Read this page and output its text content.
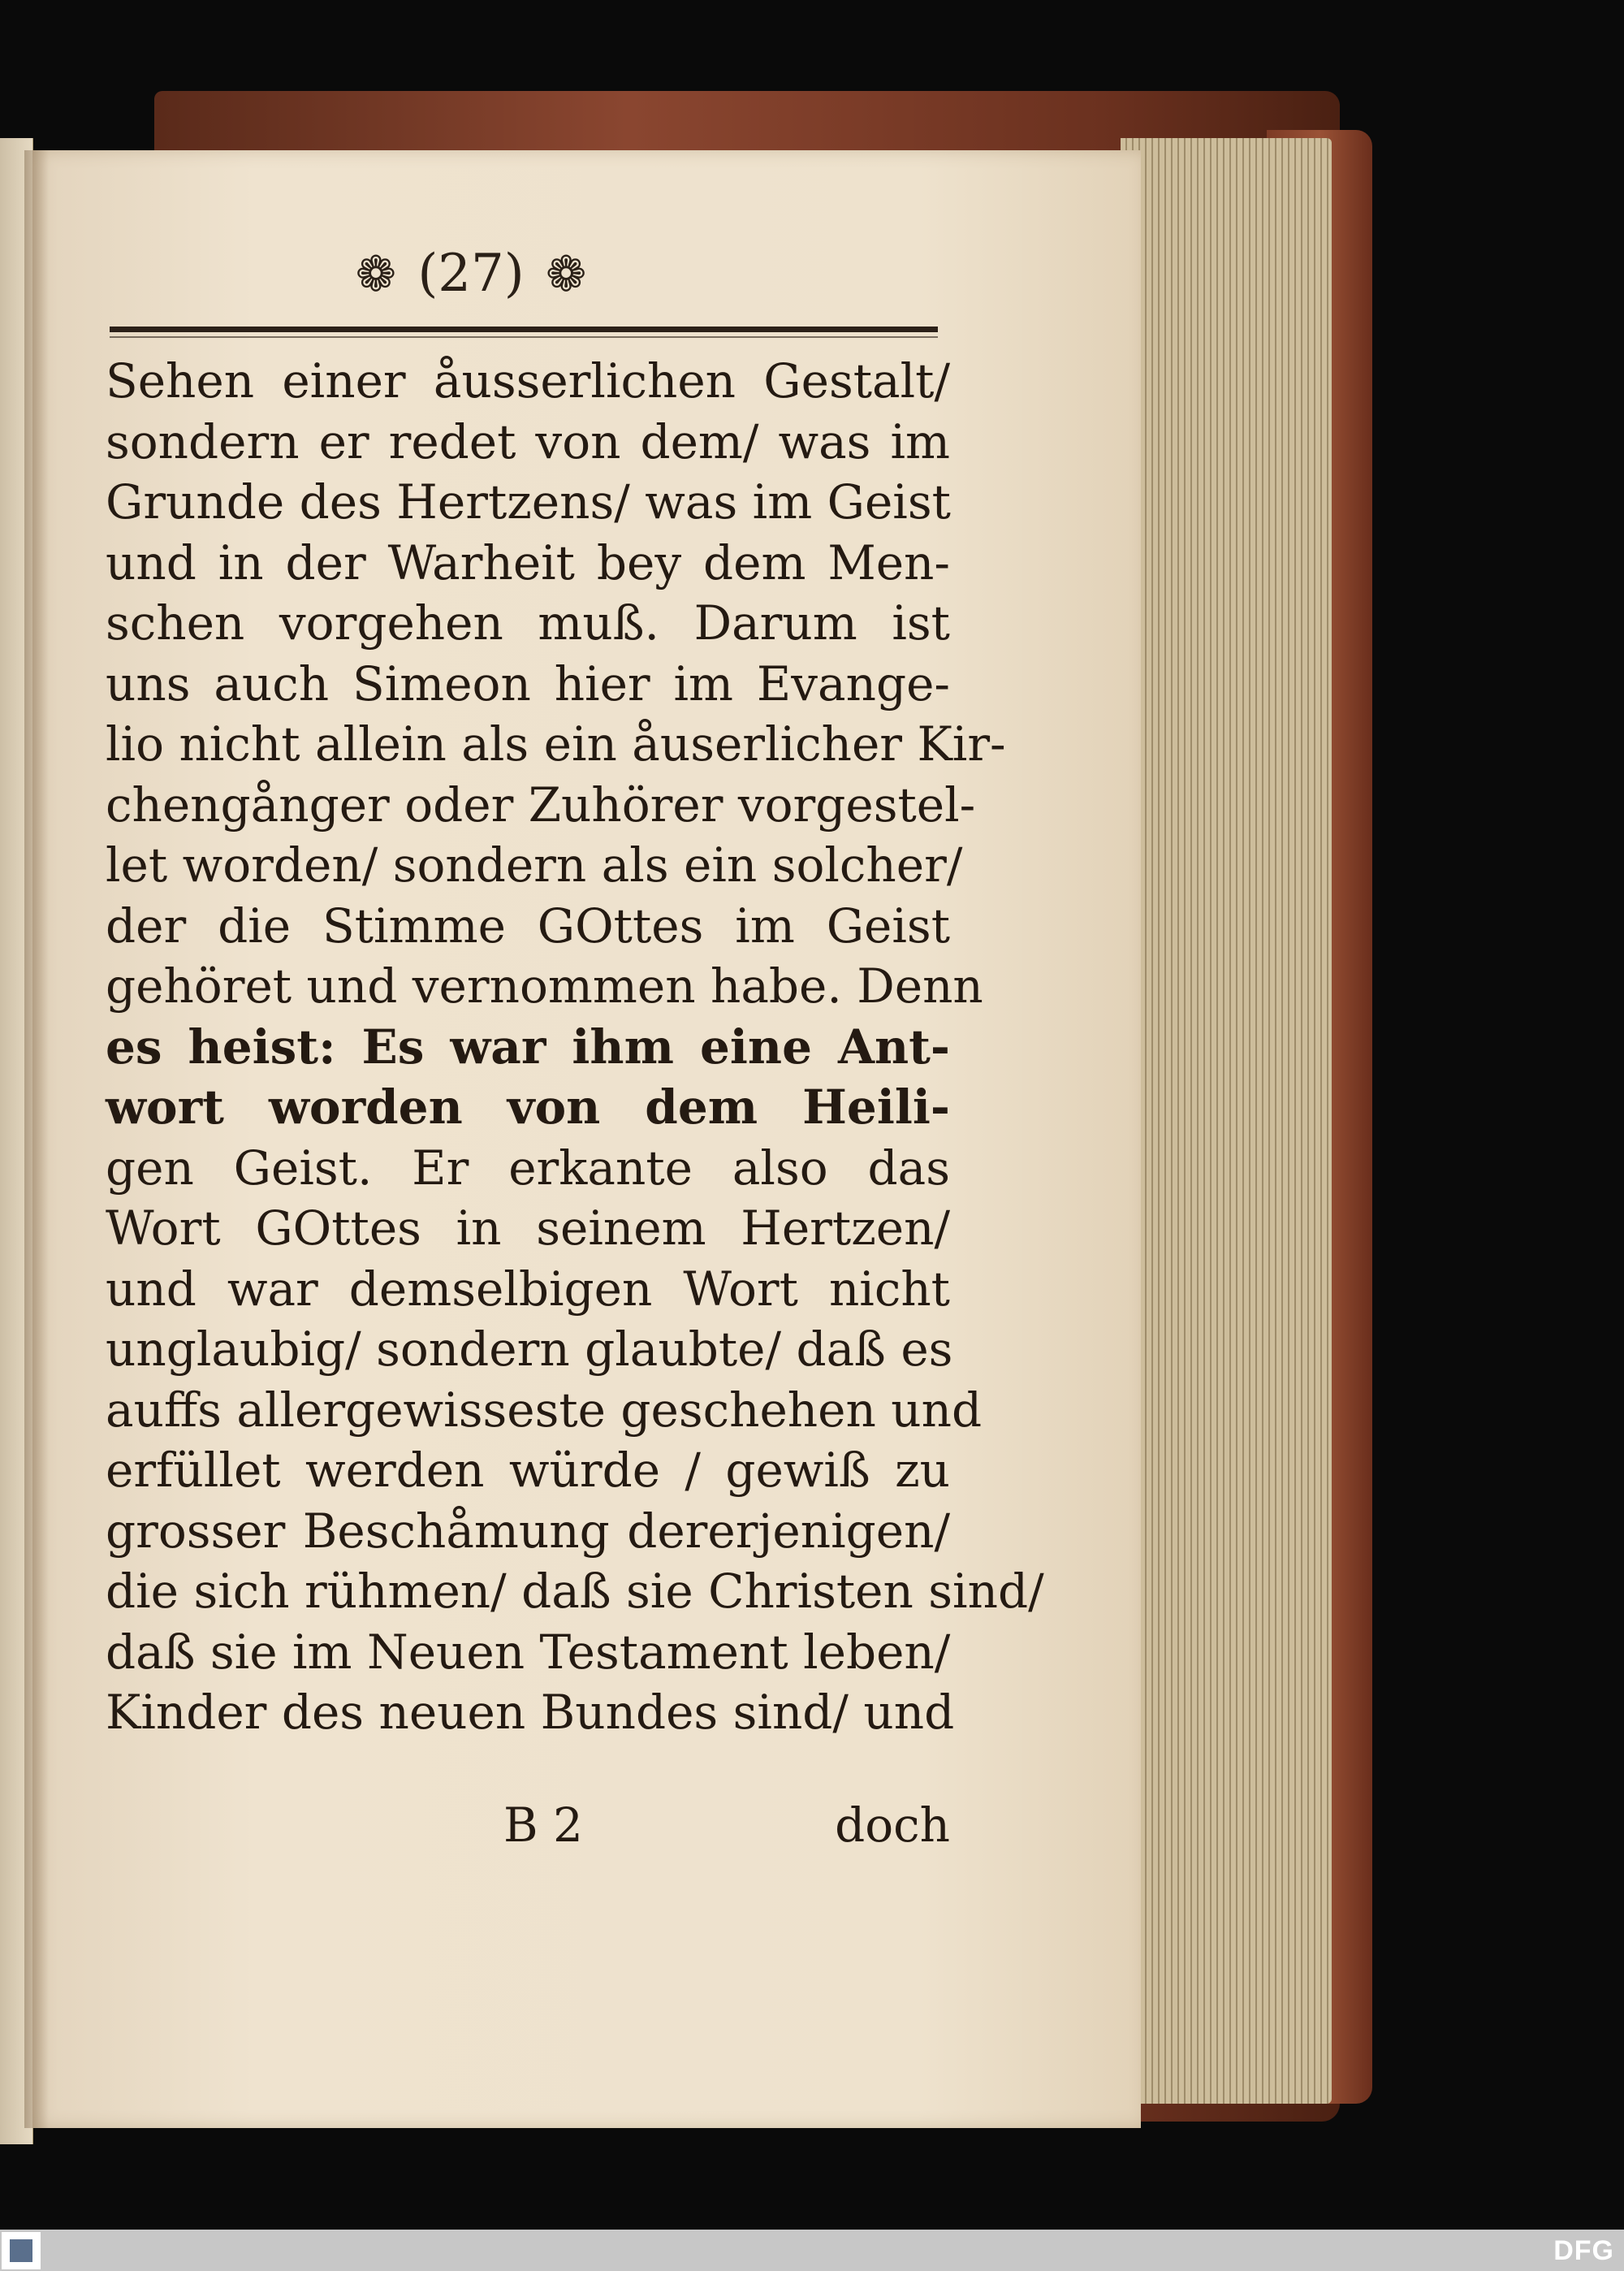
❁ (27) ❁
Sehen einer åusserlichen Gestalt/
sondern er redet von dem/ was im
Grunde des Hertzens/ was im Geist
und in der Warheit bey dem Men-
schen vorgehen muß. Darum ist
uns auch Simeon hier im Evange-
lio nicht allein als ein åuserlicher Kir-
chengånger oder Zuhörer vorgestel-
let worden/ sondern als ein solcher/
der die Stimme GOttes im Geist
gehöret und vernommen habe. Denn
es heist: Es war ihm eine Ant-
wort worden von dem Heili-
gen Geist. Er erkante also das
Wort GOttes in seinem Hertzen/
und war demselbigen Wort nicht
unglaubig/ sondern glaubte/ daß es
auffs allergewisseste geschehen und
erfüllet werden würde / gewiß zu
grosser Beschåmung dererjenigen/
die sich rühmen/ daß sie Christen sind/
daß sie im Neuen Testament leben/
Kinder des neuen Bundes sind/ und
B 2	doch
DFG
